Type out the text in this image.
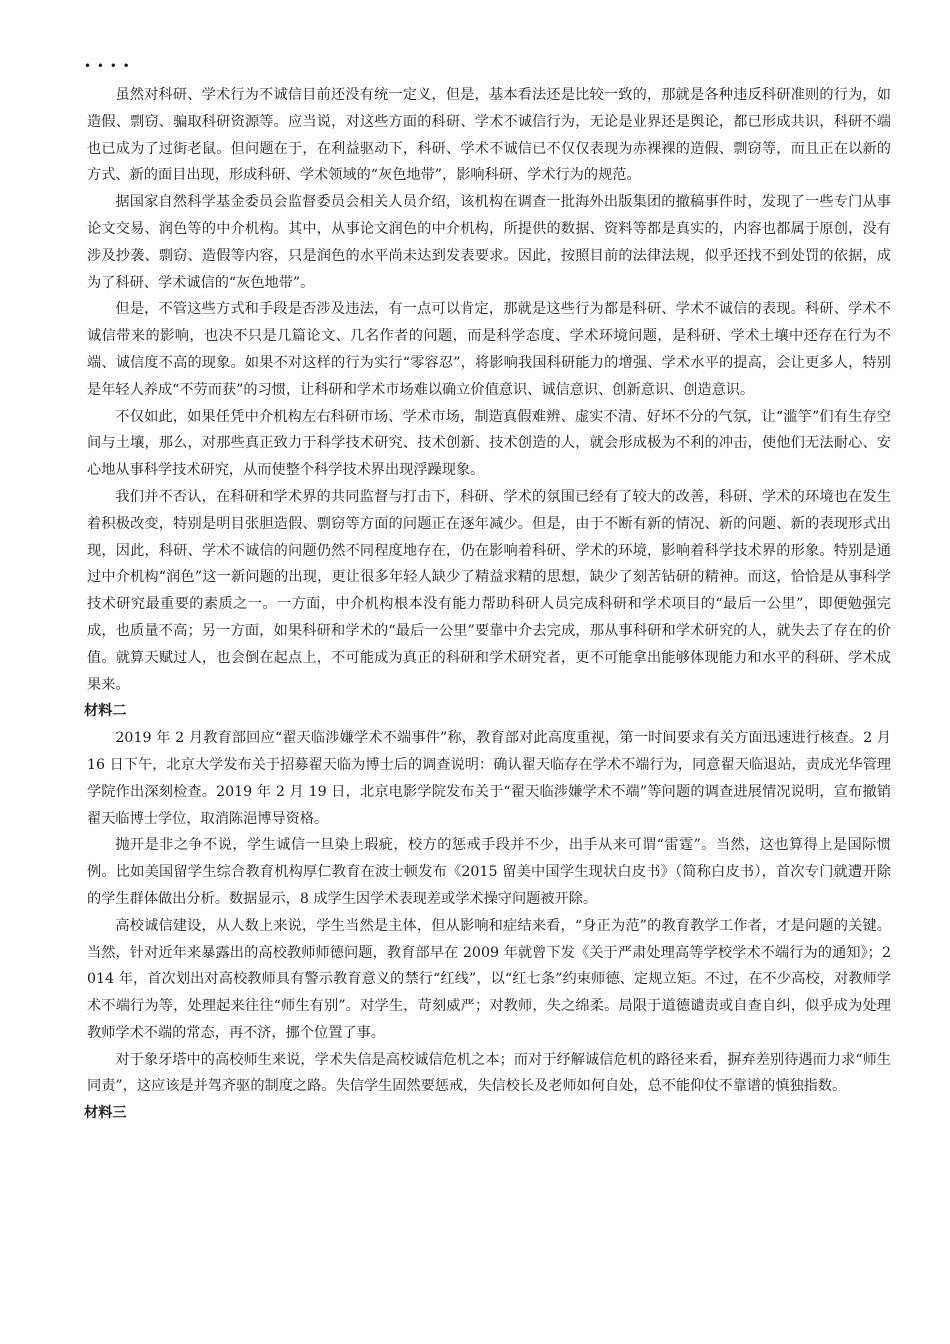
• • • •

虽然对科研、学术行为不诚信目前还没有统一定义，但是，基本看法还是比较一致的，那就是各种违反科研准则的行为，如造假、剽窃、骗取科研资源等。应当说，对这些方面的科研、学术不诚信行为，无论是业界还是舆论，都已形成共识，科研不端也已成为了过街老鼠。但问题在于，在利益驱动下，科研、学术不诚信已不仅仅表现为赤裸裸的造假、剽窃等，而且正在以新的方式、新的面目出现，形成科研、学术领域的“灰色地带”，影响科研、学术行为的规范。

据国家自然科学基金委员会监督委员会相关人员介绍，该机构在调查一批海外出版集团的撤稿事件时，发现了一些专门从事论文交易、润色等的中介机构。其中，从事论文润色的中介机构，所提供的数据、资料等都是真实的，内容也都属于原创，没有涉及抄袭、剽窃、造假等内容，只是润色的水平尚未达到发表要求。因此，按照目前的法律法规，似乎还找不到处罚的依据，成为了科研、学术诚信的“灰色地带”。

但是，不管这些方式和手段是否涉及违法，有一点可以肯定，那就是这些行为都是科研、学术不诚信的表现。科研、学术不诚信带来的影响，也决不只是几篇论文、几名作者的问题，而是科学态度、学术环境问题，是科研、学术土壤中还存在行为不端、诚信度不高的现象。如果不对这样的行为实行“零容忍”，将影响我国科研能力的增强、学术水平的提高，会让更多人，特别是年轻人养成“不劳而获”的习惯，让科研和学术市场难以确立价值意识、诚信意识、创新意识、创造意识。

不仅如此，如果任凭中介机构左右科研市场、学术市场，制造真假难辨、虚实不清、好坏不分的气氛，让“滥竽”们有生存空间与土壤，那么，对那些真正致力于科学技术研究、技术创新、技术创造的人，就会形成极为不利的冲击，使他们无法耐心、安心地从事科学技术研究，从而使整个科学技术界出现浮躁现象。

我们并不否认，在科研和学术界的共同监督与打击下，科研、学术的氛围已经有了较大的改善，科研、学术的环境也在发生着积极改变，特别是明目张胆造假、剽窃等方面的问题正在逐年减少。但是，由于不断有新的情况、新的问题、新的表现形式出现，因此，科研、学术不诚信的问题仍然不同程度地存在，仍在影响着科研、学术的环境，影响着科学技术界的形象。特别是通过中介机构“润色”这一新问题的出现，更让很多年轻人缺少了精益求精的思想，缺少了刻苦钻研的精神。而这，恰恰是从事科学技术研究最重要的素质之一。一方面，中介机构根本没有能力帮助科研人员完成科研和学术项目的“最后一公里”，即便勉强完成，也质量不高；另一方面，如果科研和学术的“最后一公里”要靠中介去完成，那从事科研和学术研究的人，就失去了存在的价值。就算天赋过人，也会倒在起点上，不可能成为真正的科研和学术研究者，更不可能拿出能够体现能力和水平的科研、学术成果来。

材料二

2019 年 2 月教育部回应“翟天临涉嫌学术不端事件”称，教育部对此高度重视，第一时间要求有关方面迅速进行核查。2 月 16 日下午，北京大学发布关于招募翟天临为博士后的调查说明：确认翟天临存在学术不端行为，同意翟天临退站，责成光华管理学院作出深刻检查。2019 年 2 月 19 日，北京电影学院发布关于“翟天临涉嫌学术不端”等问题的调查进展情况说明，宣布撤销翟天临博士学位，取消陈浥博导资格。

抛开是非之争不说，学生诚信一旦染上瑕疵，校方的惩戒手段并不少，出手从来可谓“雷霆”。当然，这也算得上是国际惯例。比如美国留学生综合教育机构厚仁教育在波士顿发布《2015 留美中国学生现状白皮书》（简称白皮书），首次专门就遭开除的学生群体做出分析。数据显示，8 成学生因学术表现差或学术操守问题被开除。

高校诚信建设，从人数上来说，学生当然是主体，但从影响和症结来看，“身正为范”的教育教学工作者，才是问题的关键。当然，针对近年来暴露出的高校教师师德问题，教育部早在 2009 年就曾下发《关于严肃处理高等学校学术不端行为的通知》；2014 年，首次划出对高校教师具有警示教育意义的禁行“红线”，以“红七条”约束师德、定规立矩。不过，在不少高校，对教师学术不端行为等，处理起来往往“师生有别”。对学生，苛刻威严；对教师，失之绵柔。局限于道德谴责或自查自纠，似乎成为处理教师学术不端的常态，再不济，挪个位置了事。

对于象牙塔中的高校师生来说，学术失信是高校诚信危机之本；而对于纾解诚信危机的路径来看，摒弃差别待遇而力求“师生同责”，这应该是并驾齐驱的制度之路。失信学生固然要惩戒，失信校长及老师如何自处，总不能仰仗不靠谱的慎独指数。

材料三
